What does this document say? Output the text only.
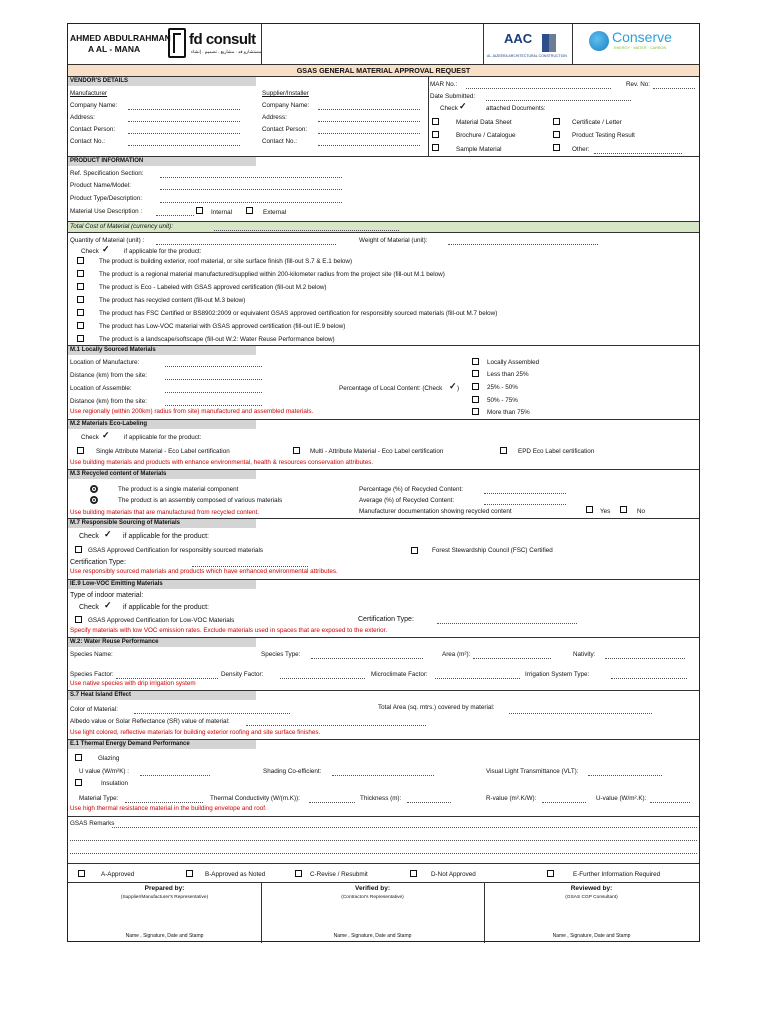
AHMED ABDULRAHMAN
A AL - MANA
fd consult
مستشارو فد . مشاريع . تصميم . إنشاء
AAC
AL JAZEERA ARCHITECTURAL CONSTRUCTION
Conserve
ENERGY · WATER · CARBON
GSAS GENERAL MATERIAL APPROVAL REQUEST
VENDOR'S DETAILS
Manufacturer	Supplier/Installer
Company Name:
Address:
Contact Person:
Contact No.:
Company Name:
Address:
Contact Person:
Contact No.:
MAR No.:	Rev. No:
Date Submitted:
Check ✓	attached Documents:
Material Data Sheet	Certificate / Letter
Brochure / Catalogue	Product Testing Result
Sample Material	Other:
PRODUCT INFORMATION
Ref. Specification Section:
Product Name/Model:
Product Type/Description:
Material Use Description :	Internal	External
Total Cost of Material (currency unit):
Quantity of Material (unit) :	Weight of Material (unit):
Check ✓ if applicable for the product:
The product is building exterior, roof material, or site surface finish (fill-out S.7 & E.1 below)
The product is a regional material manufactured/supplied within 200-kilometer radius from the project site (fill-out M.1 below)
The product is Eco - Labeled with GSAS approved certification (fill-out M.2 below)
The product has recycled content (fill-out M.3 below)
The product has FSC Certified or BS8902:2009 or equivalent GSAS approved certification for responsibly sourced materials (fill-out M.7 below)
The product has Low-VOC material with GSAS approved certification (fill-out IE.9 below)
The product is a landscape/softscape (fill-out W.2: Water Reuse Performance below)
M.1 Locally Sourced Materials
Location of Manufacture:
Distance (km) from the site:
Location of Assemble:
Distance (km) from the site:
Percentage of Local Content: (Check ✓ )
Locally Assembled
Less than 25%
25% - 50%
50% - 75%
More than 75%
Use regionally (within 200km) radius from site) manufactured and assembled materials.
M.2 Materials Eco-Labeling
Check ✓ if applicable for the product:
Single Attribute Material - Eco Label certification	Multi - Attribute Material - Eco Label certification	EPD Eco Label certification
Use building materials and products with enhance environmental, health & resources conservation attributes.
M.3 Recycled content of Materials
The product is a single material component
The product is an assembly composed of various materials
Percentage (%) of Recycled Content:
Average (%) of Recycled Content:
Manufacturer documentation showing recycled content	Yes	No
Use building materials that are manufactured from recycled content.
M.7 Responsible Sourcing of Materials
Check ✓ if applicable for the product:
GSAS Approved Certification for responsibly sourced materials	Forest Stewardship Council (FSC) Certified
Certification Type:
Use responsibly sourced materials and products which have enhanced environmental attributes.
IE.9 Low-VOC Emitting Materials
Type of indoor material:
Check ✓ if applicable for the product:
GSAS Approved Certification for Low-VOC Materials	Certification Type:
Specify materials with low VOC emission rates. Exclude materials used in spaces that are exposed to the exterior.
W.2: Water Reuse Performance
Species Name:	Species Type:	Area (m²):	Nativity:
Species Factor:	Density Factor:	Microclimate Factor:	Irrigation System Type:
Use native species with drip irrigation system
S.7 Heat Island Effect
Color of Material:	Total Area (sq. mtrs.) covered by material:
Albedo value or Solar Reflectance (SR) value of material:
Use light colored, reflective materials for building exterior roofing and site surface finishes.
E.1 Thermal Energy Demand Performance
Glazing
U value (W/m²K) :	Shading Co-efficient:	Visual Light Transmittance (VLT):
Insulation
Material Type:	Thermal Conductivity (W/(m.K)):	Thickness (m):	R-value (m².K/W):	U-value (W/m².K):
Use high thermal resistance material in the building envelope and roof.
GSAS Remarks
A-Approved	B-Approved as Noted	C-Revise / Resubmit	D-Not Approved	E-Further Information Required
Prepared by:
(Supplier/Manufacturer's Representative)
Name , Signature, Date and Stamp
Verified by:
(Contractor's Representative)
Name , Signature, Date and Stamp
Reviewed by:
(GSAS CGP Consultant)
Name , Signature, Date and Stamp
